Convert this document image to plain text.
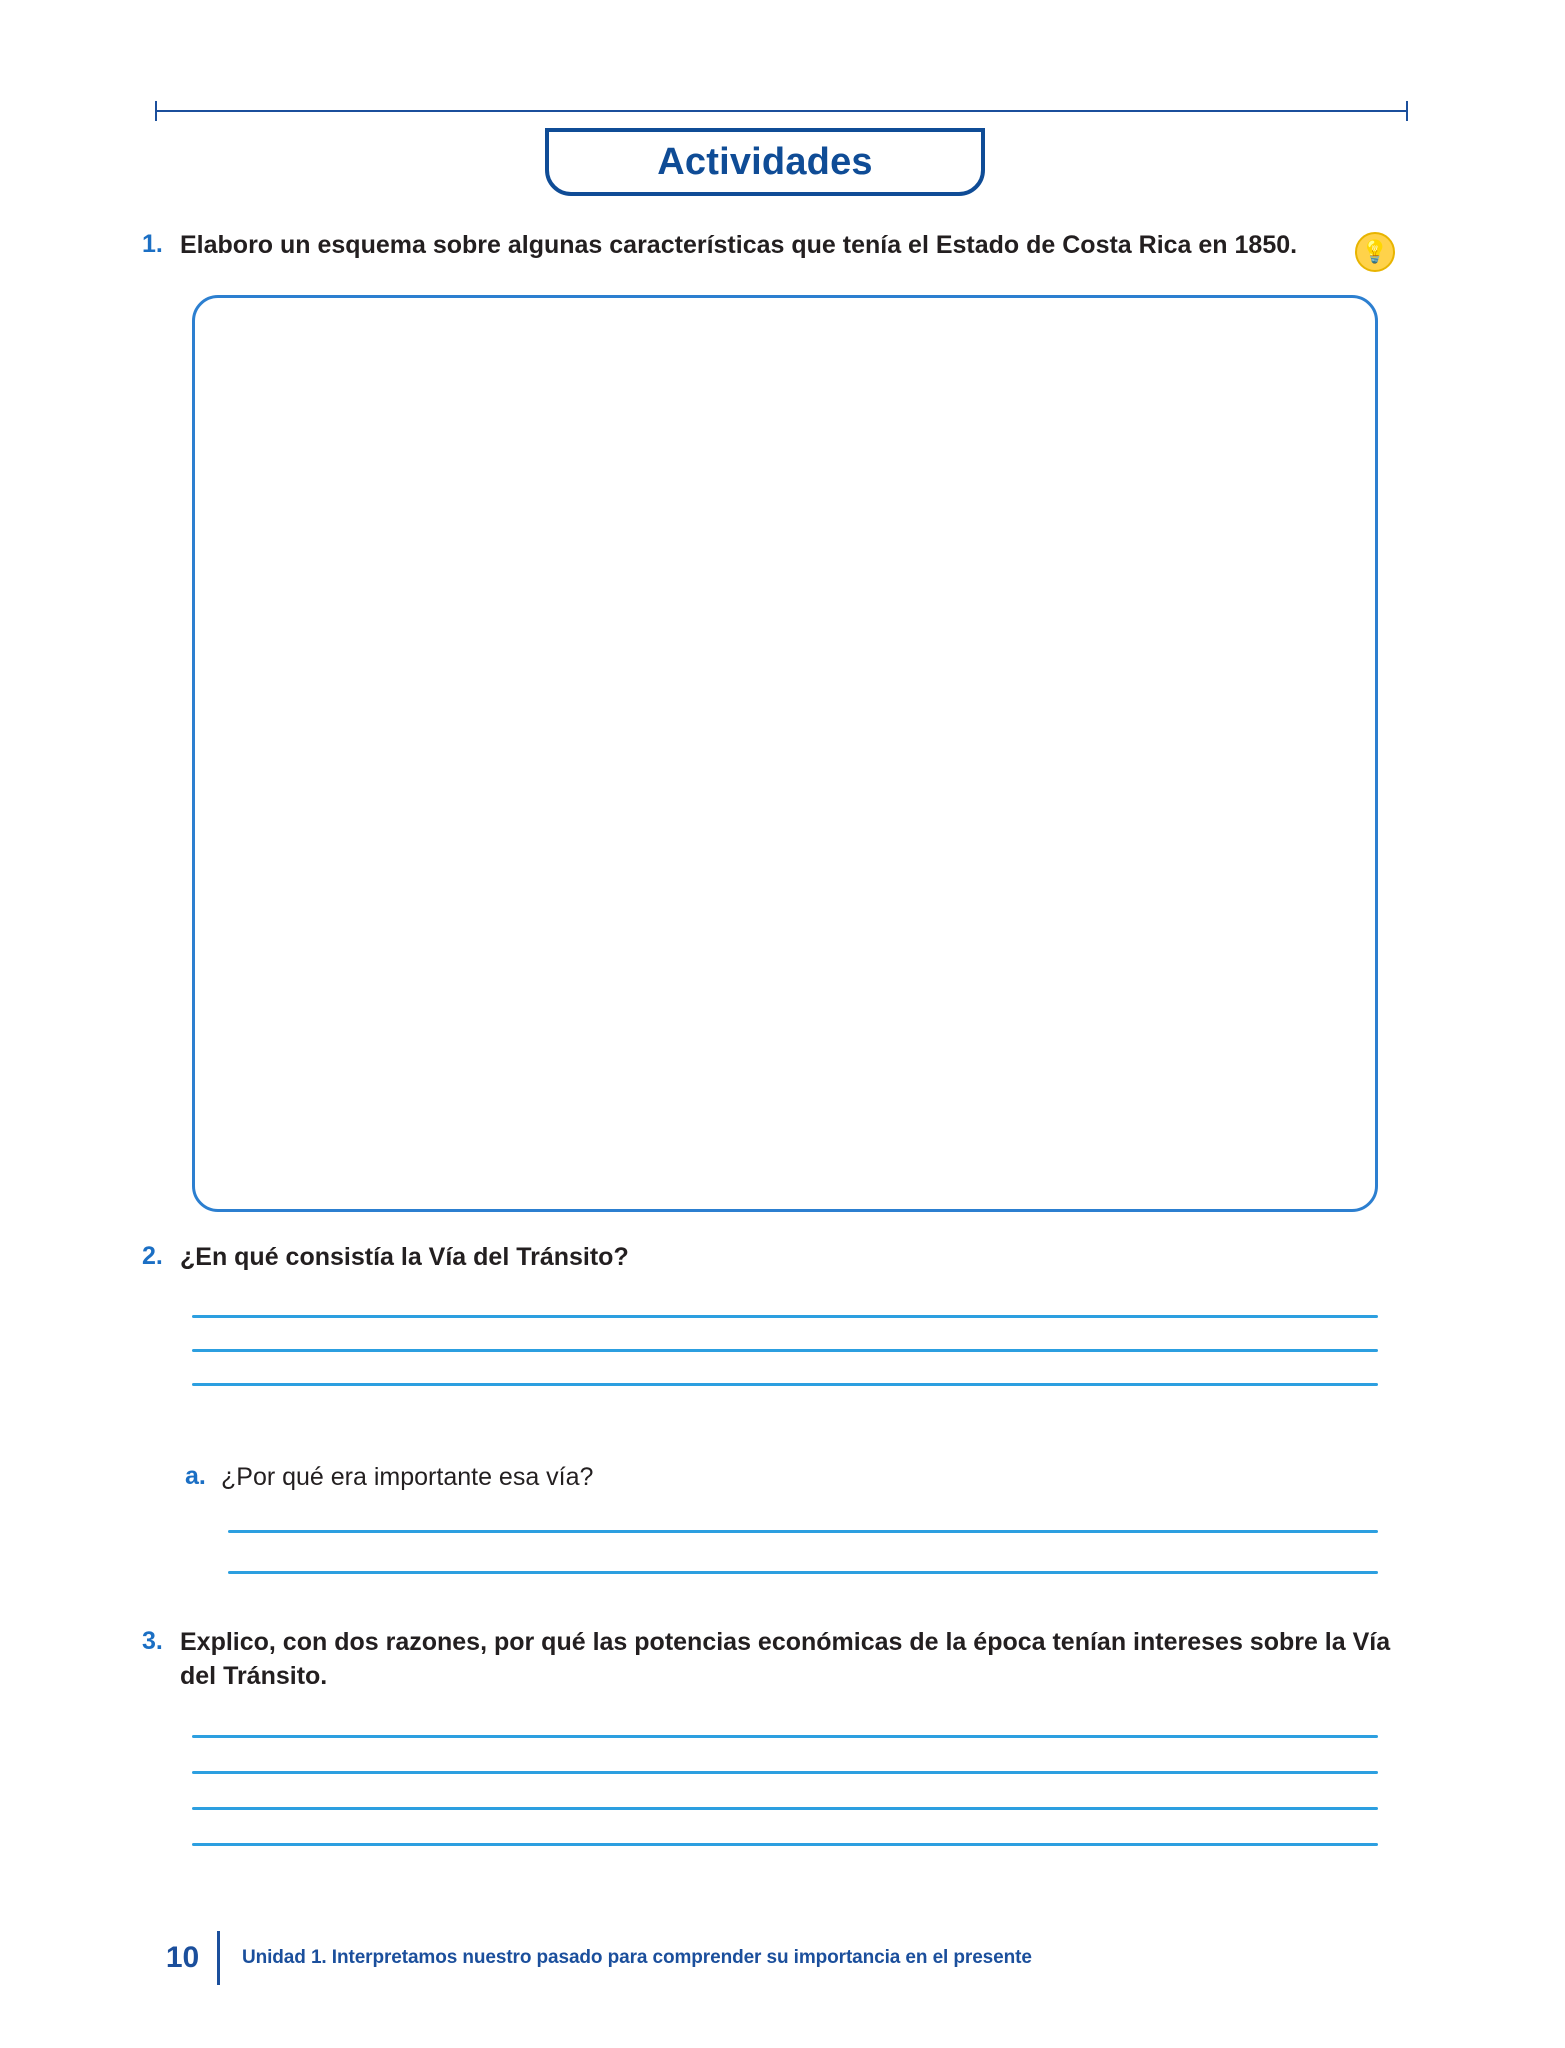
Actividades
1. Elaboro un esquema sobre algunas características que tenía el Estado de Costa Rica en 1850.	💡
2. ¿En qué consistía la Vía del Tránsito?
a. ¿Por qué era importante esa vía?
3. Explico, con dos razones, por qué las potencias económicas de la época tenían intereses sobre la Vía del Tránsito.
10	Unidad 1. Interpretamos nuestro pasado para comprender su importancia en el presente
